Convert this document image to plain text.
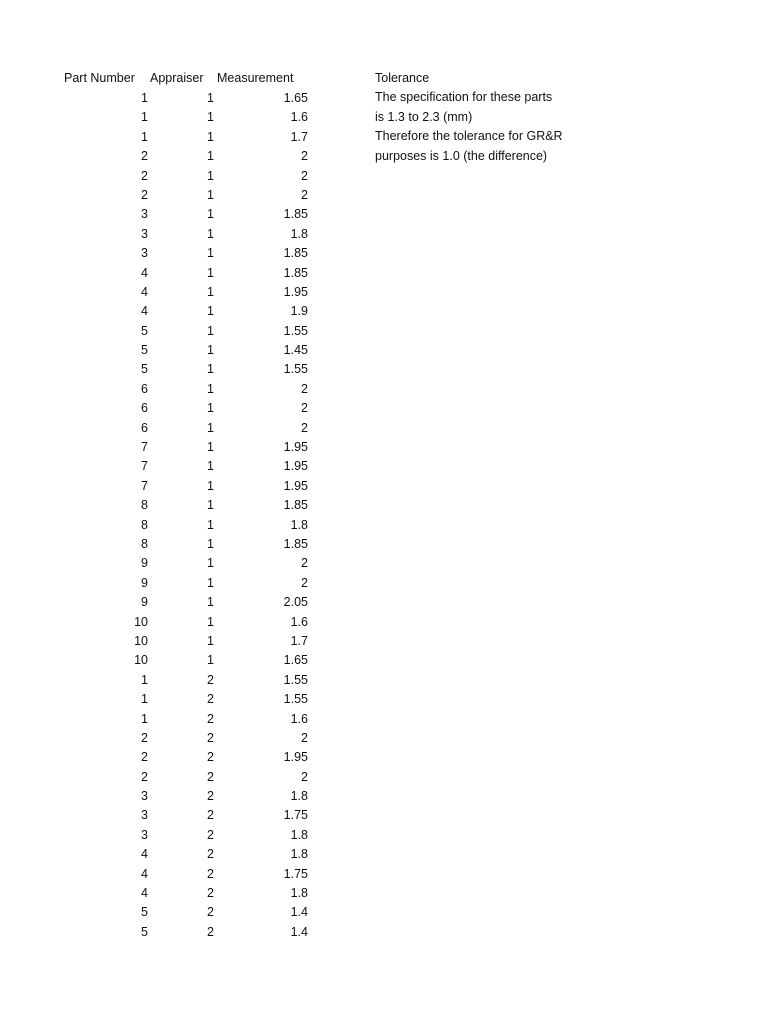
Part Number Appraiser Measurement
1	1	1.65
1	1	1.6
1	1	1.7
2	1	2
2	1	2
2	1	2
3	1	1.85
3	1	1.8
3	1	1.85
4	1	1.85
4	1	1.95
4	1	1.9
5	1	1.55
5	1	1.45
5	1	1.55
6	1	2
6	1	2
6	1	2
7	1	1.95
7	1	1.95
7	1	1.95
8	1	1.85
8	1	1.8
8	1	1.85
9	1	2
9	1	2
9	1	2.05
10	1	1.6
10	1	1.7
10	1	1.65
1	2	1.55
1	2	1.55
1	2	1.6
2	2	2
2	2	1.95
2	2	2
3	2	1.8
3	2	1.75
3	2	1.8
4	2	1.8
4	2	1.75
4	2	1.8
5	2	1.4
5	2	1.4
Tolerance
The specification for these parts
is 1.3 to 2.3 (mm)
Therefore the tolerance for GR&R
purposes is 1.0 (the difference)
